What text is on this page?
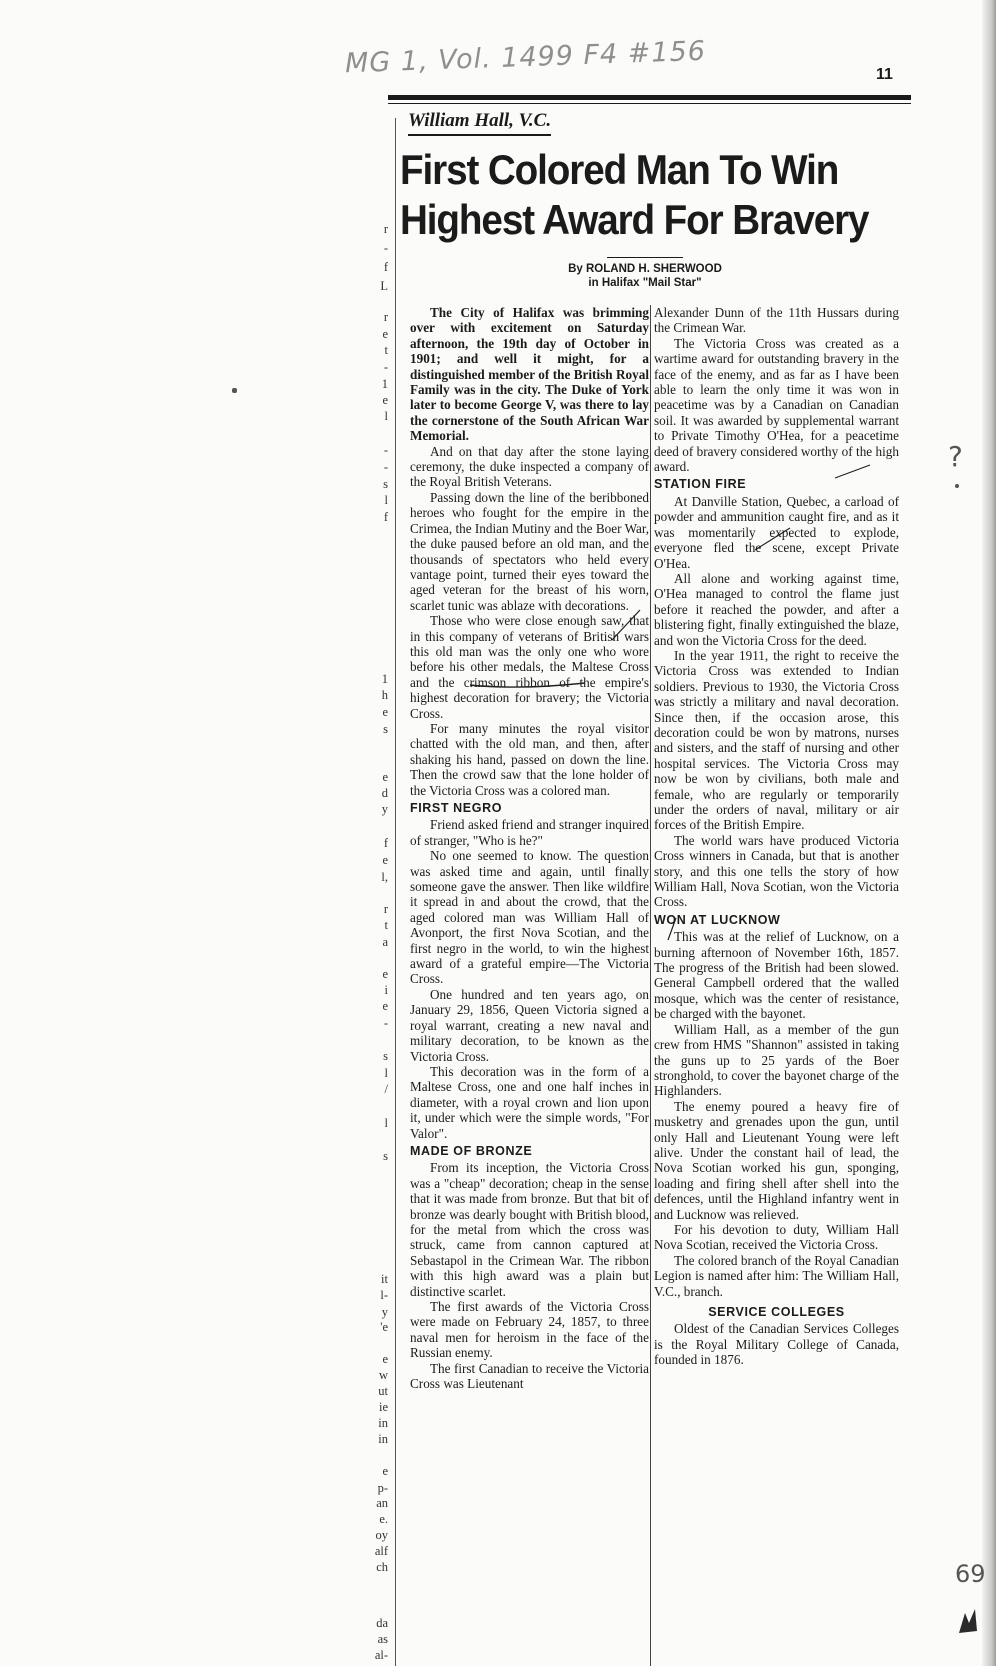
MG 1, Vol. 1499 F4 #156	11
William Hall, V.C.
First Colored Man To Win
Highest Award For Bravery
By ROLAND H. SHERWOOD
in Halifax "Mail Star"

The City of Halifax was brimming over with excitement on Saturday afternoon, the 19th day of October in 1901; and well it might, for a distinguished member of the British Royal Family was in the city. The Duke of York later to become George V, was there to lay the cornerstone of the South African War Memorial.

And on that day after the stone laying ceremony, the duke inspected a company of the Royal British Veterans.

Passing down the line of the beribboned heroes who fought for the empire in the Crimea, the Indian Mutiny and the Boer War, the duke paused before an old man, and the thousands of spectators who held every vantage point, turned their eyes toward the aged veteran for the breast of his worn, scarlet tunic was ablaze with decorations.

Those who were close enough saw, that in this company of veterans of British wars this old man was the only one who wore before his other medals, the Maltese Cross and the crimson ribbon of the empire's highest decoration for bravery; the Victoria Cross.

For many minutes the royal visitor chatted with the old man, and then, after shaking his hand, passed on down the line. Then the crowd saw that the lone holder of the Victoria Cross was a colored man.

FIRST NEGRO

Friend asked friend and stranger inquired of stranger, "Who is he?"

No one seemed to know. The question was asked time and again, until finally someone gave the answer. Then like wildfire it spread in and about the crowd, that the aged colored man was William Hall of Avonport, the first Nova Scotian, and the first negro in the world, to win the highest award of a grateful empire—The Victoria Cross.

One hundred and ten years ago, on January 29, 1856, Queen Victoria signed a royal warrant, creating a new naval and military decoration, to be known as the Victoria Cross.

This decoration was in the form of a Maltese Cross, one and one half inches in diameter, with a royal crown and lion upon it, under which were the simple words, "For Valor".

MADE OF BRONZE

From its inception, the Victoria Cross was a "cheap" decoration; cheap in the sense that it was made from bronze. But that bit of bronze was dearly bought with British blood, for the metal from which the cross was struck, came from cannon captured at Sebastapol in the Crimean War. The ribbon with this high award was a plain but distinctive scarlet.

The first awards of the Victoria Cross were made on February 24, 1857, to three naval men for heroism in the face of the Russian enemy.

The first Canadian to receive the Victoria Cross was Lieutenant

Alexander Dunn of the 11th Hussars during the Crimean War.

The Victoria Cross was created as a wartime award for outstanding bravery in the face of the enemy, and as far as I have been able to learn the only time it was won in peacetime was by a Canadian on Canadian soil. It was awarded by supplemental warrant to Private Timothy O'Hea, for a peacetime deed of bravery considered worthy of the high award.

STATION FIRE

At Danville Station, Quebec, a carload of powder and ammunition caught fire, and as it was momentarily expected to explode, everyone fled the scene, except Private O'Hea.

All alone and working against time, O'Hea managed to control the flame just before it reached the powder, and after a blistering fight, finally extinguished the blaze, and won the Victoria Cross for the deed.

In the year 1911, the right to receive the Victoria Cross was extended to Indian soldiers. Previous to 1930, the Victoria Cross was strictly a military and naval decoration. Since then, if the occasion arose, this decoration could be won by matrons, nurses and sisters, and the staff of nursing and other hospital services. The Victoria Cross may now be won by civilians, both male and female, who are regularly or temporarily under the orders of naval, military or air forces of the British Empire.

The world wars have produced Victoria Cross winners in Canada, but that is another story, and this one tells the story of how William Hall, Nova Scotian, won the Victoria Cross.

WON AT LUCKNOW

This was at the relief of Lucknow, on a burning afternoon of November 16th, 1857. The progress of the British had been slowed. General Campbell ordered that the walled mosque, which was the center of resistance, be charged with the bayonet.

William Hall, as a member of the gun crew from HMS "Shannon" assisted in taking the guns up to 25 yards of the Boer stronghold, to cover the bayonet charge of the Highlanders.

The enemy poured a heavy fire of musketry and grenades upon the gun, until only Hall and Lieutenant Young were left alive. Under the constant hail of lead, the Nova Scotian worked his gun, sponging, loading and firing shell after shell into the defences, until the Highland infantry went in and Lucknow was relieved.

For his devotion to duty, William Hall Nova Scotian, received the Victoria Cross.

The colored branch of the Royal Canadian Legion is named after him: The William Hall, V.C., branch.

SERVICE COLLEGES

Oldest of the Canadian Services Colleges is the Royal Military College of Canada, founded in 1876.

r
-
f
L
r
e
t
-
1
e
l
-
-
s
l
f
1
h
e
s
e
d
y
f
e
l,
r
t
a
e
i
e
-
s
l
/
l
s
it
l-
y
'e
e
w
ut
ie
in
in
e
p-
an
e.
oy
alf
ch
da
as
al-
?
69
